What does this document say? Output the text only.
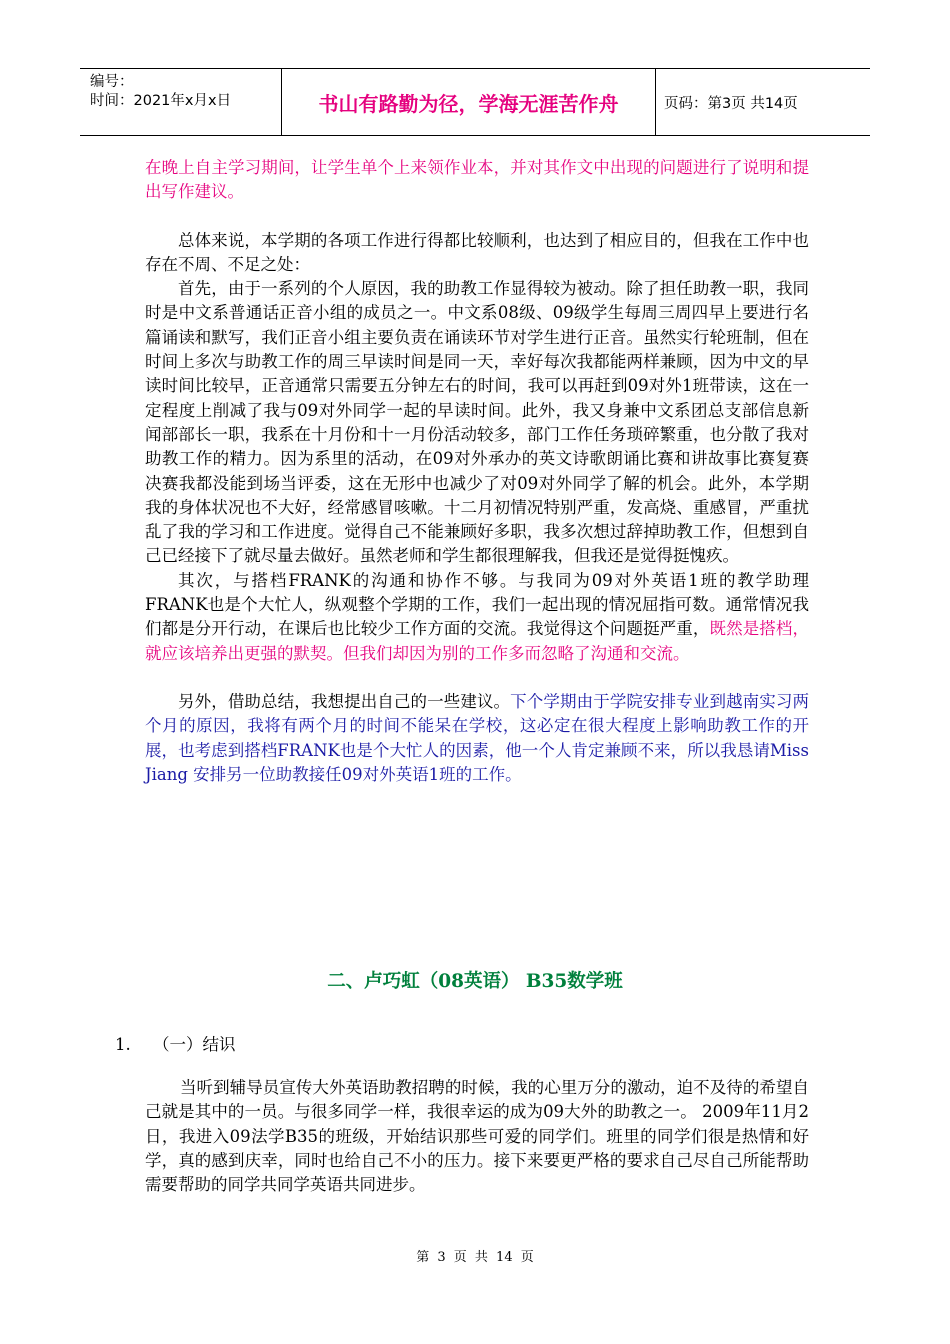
编号：
时间：2021年x月x日	书山有路勤为径，学海无涯苦作舟	页码：第3页 共14页

在晚上自主学习期间，让学生单个上来领作业本，并对其作文中出现的问题进行了说明和提出写作建议。

总体来说，本学期的各项工作进行得都比较顺利，也达到了相应目的，但我在工作中也存在不周、不足之处：

首先，由于一系列的个人原因，我的助教工作显得较为被动。除了担任助教一职，我同时是中文系普通话正音小组的成员之一。中文系08级、09级学生每周三周四早上要进行名篇诵读和默写，我们正音小组主要负责在诵读环节对学生进行正音。虽然实行轮班制，但在时间上多次与助教工作的周三早读时间是同一天，幸好每次我都能两样兼顾，因为中文的早读时间比较早，正音通常只需要五分钟左右的时间，我可以再赶到09对外1班带读，这在一定程度上削减了我与09对外同学一起的早读时间。此外，我又身兼中文系团总支部信息新闻部部长一职，我系在十月份和十一月份活动较多，部门工作任务琐碎繁重，也分散了我对助教工作的精力。因为系里的活动，在09对外承办的英文诗歌朗诵比赛和讲故事比赛复赛决赛我都没能到场当评委，这在无形中也减少了对09对外同学了解的机会。此外，本学期我的身体状况也不大好，经常感冒咳嗽。十二月初情况特别严重，发高烧、重感冒，严重扰乱了我的学习和工作进度。觉得自己不能兼顾好多职，我多次想过辞掉助教工作，但想到自己已经接下了就尽量去做好。虽然老师和学生都很理解我，但我还是觉得挺愧疚。

其次，与搭档FRANK的沟通和协作不够。与我同为09对外英语1班的教学助理FRANK也是个大忙人，纵观整个学期的工作，我们一起出现的情况屈指可数。通常情况我们都是分开行动，在课后也比较少工作方面的交流。我觉得这个问题挺严重，既然是搭档，就应该培养出更强的默契。但我们却因为别的工作多而忽略了沟通和交流。

另外，借助总结，我想提出自己的一些建议。下个学期由于学院安排专业到越南实习两个月的原因，我将有两个月的时间不能呆在学校，这必定在很大程度上影响助教工作的开展，也考虑到搭档FRANK也是个大忙人的因素，他一个人肯定兼顾不来，所以我恳请Miss Jiang 安排另一位助教接任09对外英语1班的工作。

二、卢巧虹（08英语） B35数学班
1. （一）结识

当听到辅导员宣传大外英语助教招聘的时候，我的心里万分的激动，迫不及待的希望自己就是其中的一员。与很多同学一样，我很幸运的成为09大外的助教之一。 2009年11月2日，我进入09法学B35的班级，开始结识那些可爱的同学们。班里的同学们很是热情和好学，真的感到庆幸，同时也给自己不小的压力。接下来要更严格的要求自己尽自己所能帮助需要帮助的同学共同学英语共同进步。

第 3 页 共 14 页
